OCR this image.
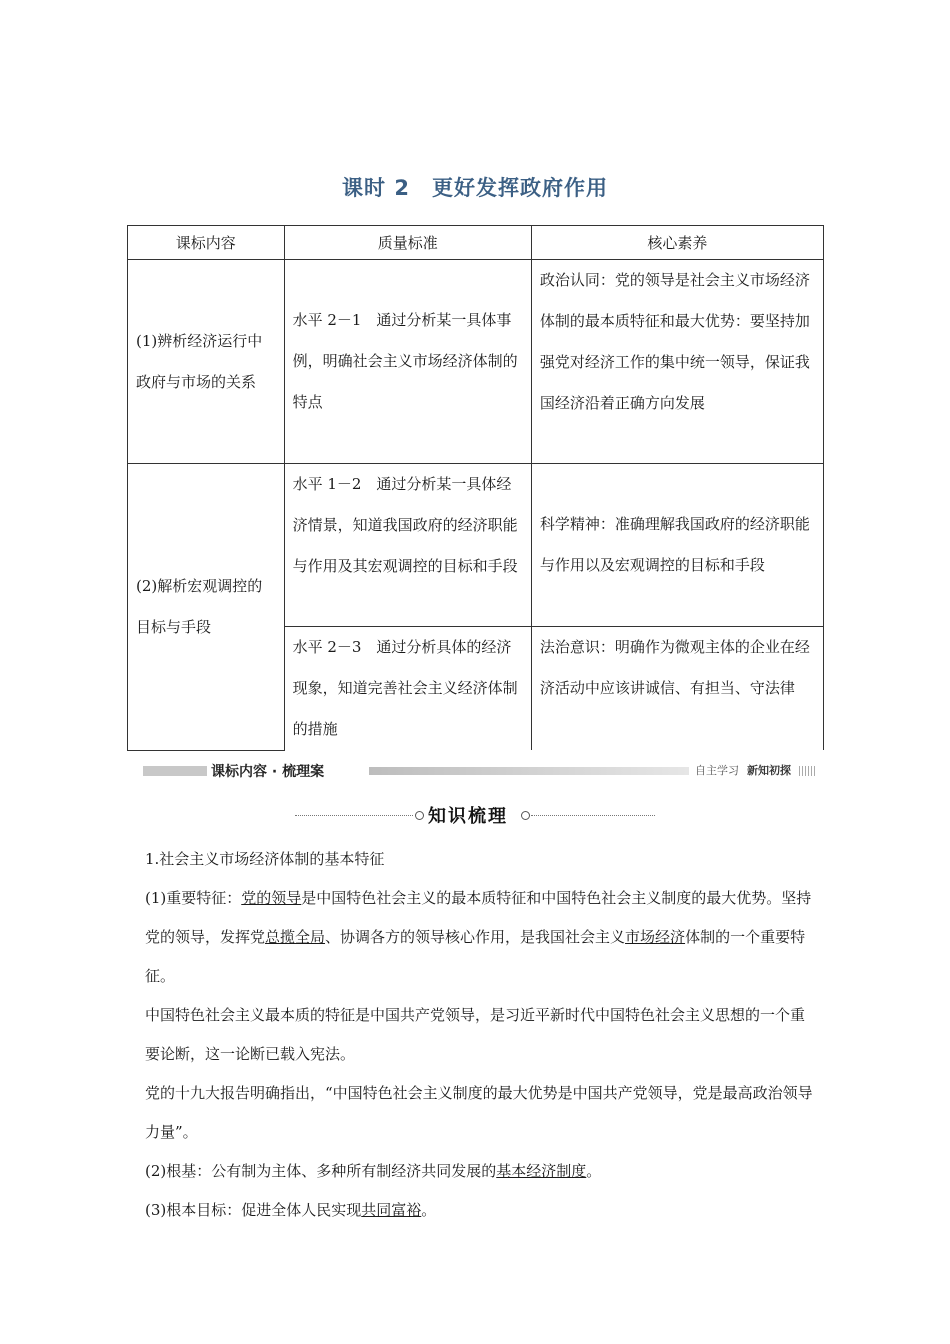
课时 2 更好发挥政府作用
课标内容	质量标准	核心素养
(1)辨析经济运行中政府与市场的关系	水平 2－1　通过分析某一具体事例，明确社会主义市场经济体制的特点	政治认同：党的领导是社会主义市场经济体制的最本质特征和最大优势：要坚持加强党对经济工作的集中统一领导，保证我国经济沿着正确方向发展
(2)解析宏观调控的目标与手段	水平 1－2　通过分析某一具体经济情景，知道我国政府的经济职能与作用及其宏观调控的目标和手段	科学精神：准确理解我国政府的经济职能与作用以及宏观调控的目标和手段
	水平 2－3　通过分析具体的经济现象，知道完善社会主义经济体制的措施	法治意识：明确作为微观主体的企业在经济活动中应该讲诚信、有担当、守法律
课标内容 · 梳理案	自主学习 新知初探
知识梳理

1.社会主义市场经济体制的基本特征

(1)重要特征：党的领导是中国特色社会主义的最本质特征和中国特色社会主义制度的最大优势。坚持党的领导，发挥党总揽全局、协调各方的领导核心作用，是我国社会主义市场经济体制的一个重要特征。

中国特色社会主义最本质的特征是中国共产党领导，是习近平新时代中国特色社会主义思想的一个重要论断，这一论断已载入宪法。

党的十九大报告明确指出，“中国特色社会主义制度的最大优势是中国共产党领导，党是最高政治领导力量”。

(2)根基：公有制为主体、多种所有制经济共同发展的基本经济制度。

(3)根本目标：促进全体人民实现共同富裕。
